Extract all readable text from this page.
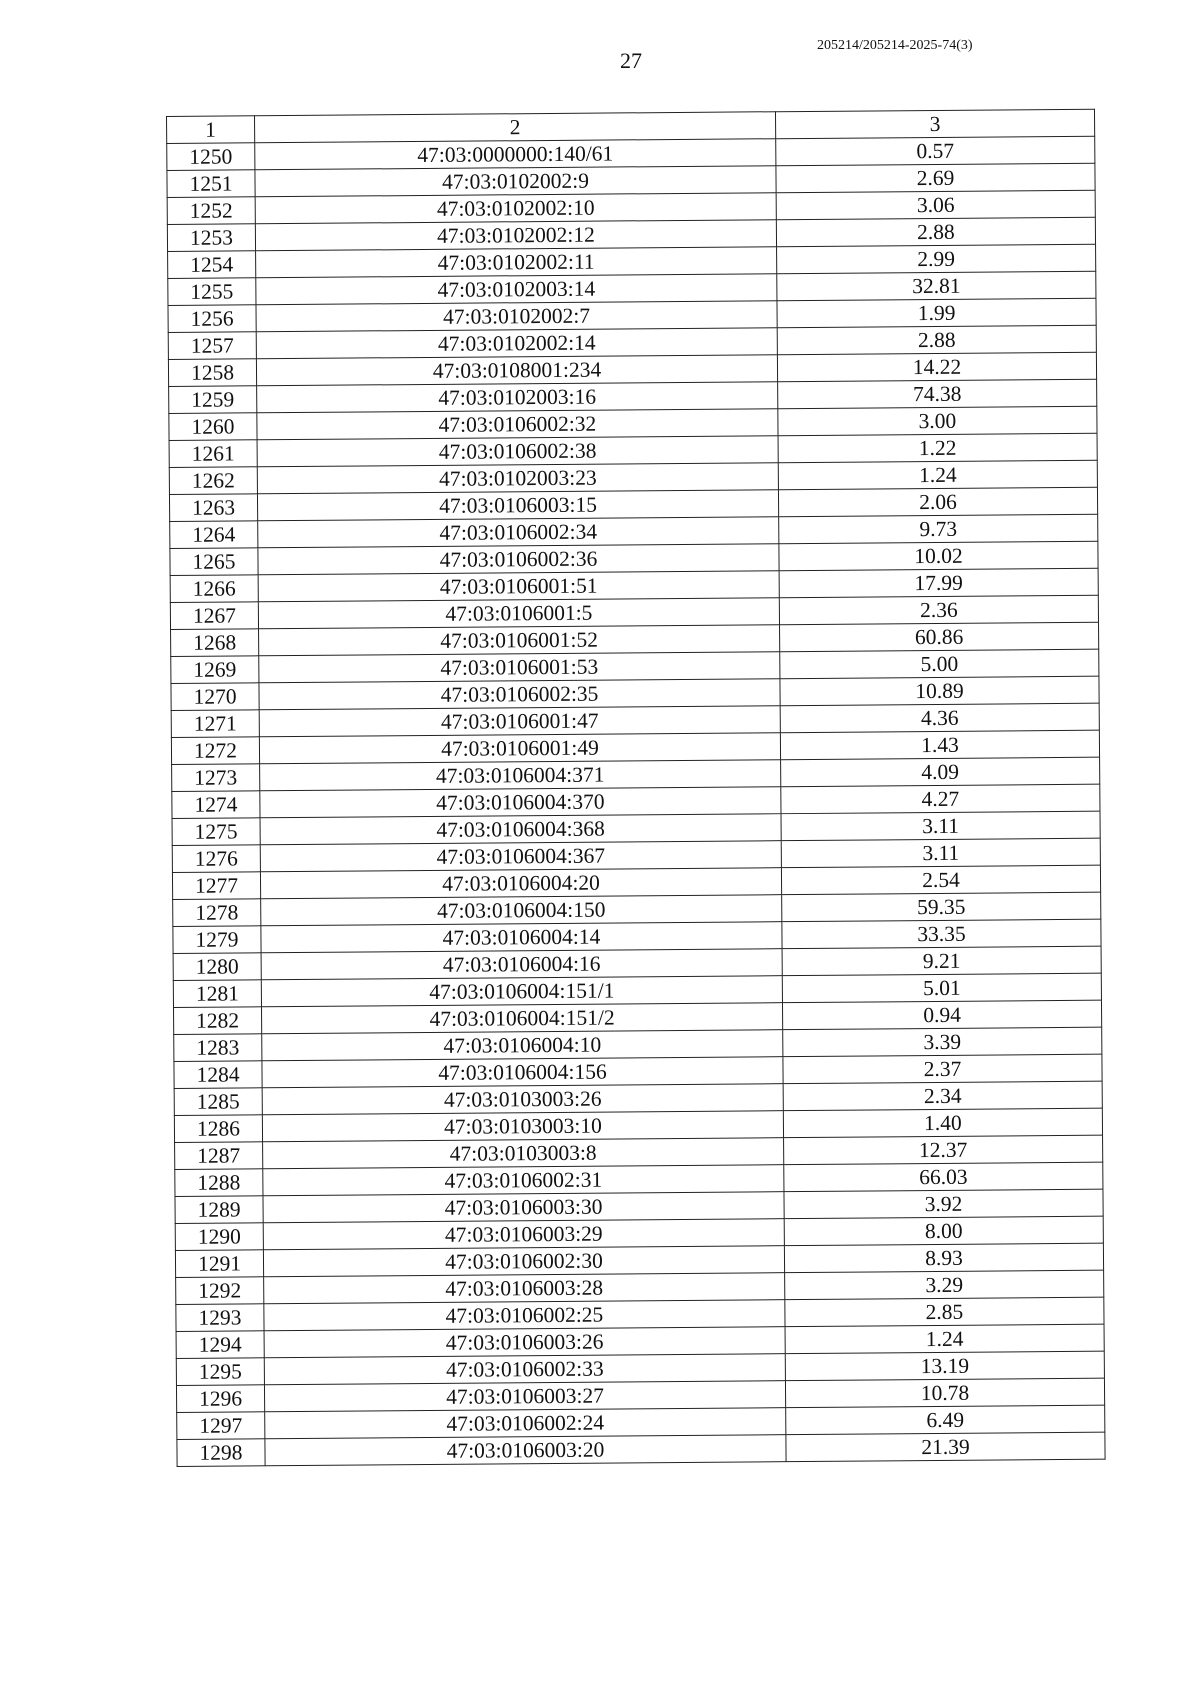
27
205214/205214-2025-74(3)
1	2	3
1250	47:03:0000000:140/61	0.57
1251	47:03:0102002:9	2.69
1252	47:03:0102002:10	3.06
1253	47:03:0102002:12	2.88
1254	47:03:0102002:11	2.99
1255	47:03:0102003:14	32.81
1256	47:03:0102002:7	1.99
1257	47:03:0102002:14	2.88
1258	47:03:0108001:234	14.22
1259	47:03:0102003:16	74.38
1260	47:03:0106002:32	3.00
1261	47:03:0106002:38	1.22
1262	47:03:0102003:23	1.24
1263	47:03:0106003:15	2.06
1264	47:03:0106002:34	9.73
1265	47:03:0106002:36	10.02
1266	47:03:0106001:51	17.99
1267	47:03:0106001:5	2.36
1268	47:03:0106001:52	60.86
1269	47:03:0106001:53	5.00
1270	47:03:0106002:35	10.89
1271	47:03:0106001:47	4.36
1272	47:03:0106001:49	1.43
1273	47:03:0106004:371	4.09
1274	47:03:0106004:370	4.27
1275	47:03:0106004:368	3.11
1276	47:03:0106004:367	3.11
1277	47:03:0106004:20	2.54
1278	47:03:0106004:150	59.35
1279	47:03:0106004:14	33.35
1280	47:03:0106004:16	9.21
1281	47:03:0106004:151/1	5.01
1282	47:03:0106004:151/2	0.94
1283	47:03:0106004:10	3.39
1284	47:03:0106004:156	2.37
1285	47:03:0103003:26	2.34
1286	47:03:0103003:10	1.40
1287	47:03:0103003:8	12.37
1288	47:03:0106002:31	66.03
1289	47:03:0106003:30	3.92
1290	47:03:0106003:29	8.00
1291	47:03:0106002:30	8.93
1292	47:03:0106003:28	3.29
1293	47:03:0106002:25	2.85
1294	47:03:0106003:26	1.24
1295	47:03:0106002:33	13.19
1296	47:03:0106003:27	10.78
1297	47:03:0106002:24	6.49
1298	47:03:0106003:20	21.39
